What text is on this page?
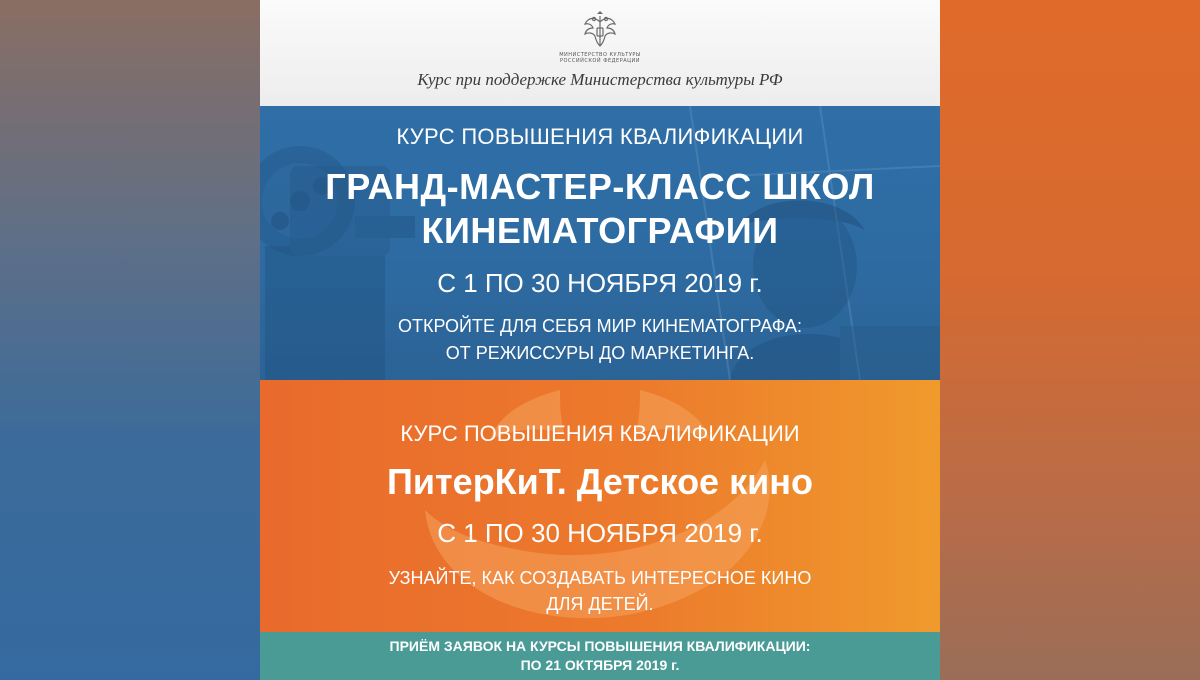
МИНИСТЕРСТВО КУЛЬТУРЫ
РОССИЙСКОЙ ФЕДЕРАЦИИ
Курс при поддержке Министерства культуры РФ
КУРС ПОВЫШЕНИЯ КВАЛИФИКАЦИИ
ГРАНД-МАСТЕР-КЛАСС ШКОЛ
КИНЕМАТОГРАФИИ
С 1 ПО 30 НОЯБРЯ 2019 г.
ОТКРОЙТЕ ДЛЯ СЕБЯ МИР КИНЕМАТОГРАФА:
ОТ РЕЖИССУРЫ ДО МАРКЕТИНГА.
КУРС ПОВЫШЕНИЯ КВАЛИФИКАЦИИ
ПитерКиТ. Детское кино
С 1 ПО 30 НОЯБРЯ 2019 г.
УЗНАЙТЕ, КАК СОЗДАВАТЬ ИНТЕРЕСНОЕ КИНО
ДЛЯ ДЕТЕЙ.
ПРИЁМ ЗАЯВОК НА КУРСЫ ПОВЫШЕНИЯ КВАЛИФИКАЦИИ:
ПО 21 ОКТЯБРЯ 2019 г.
